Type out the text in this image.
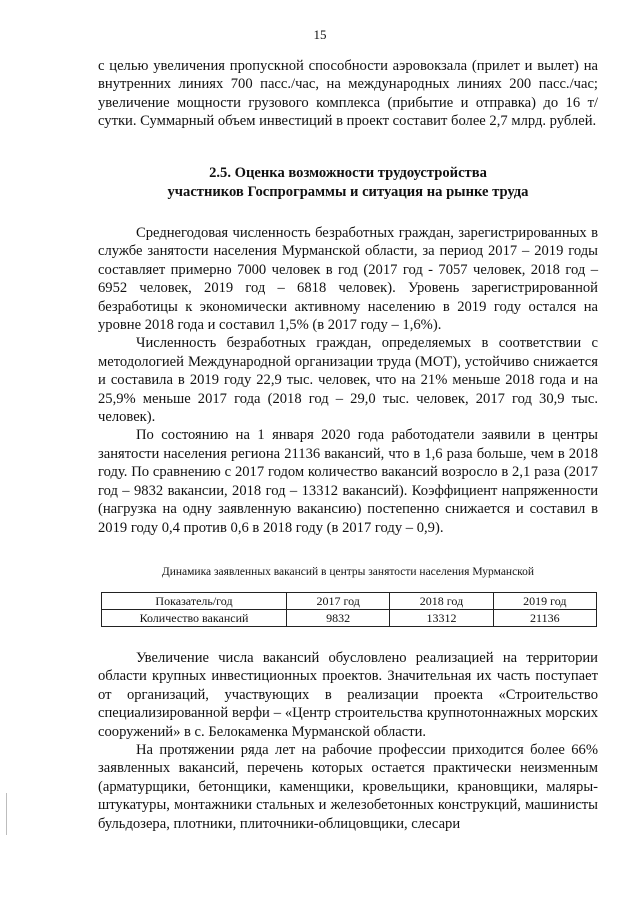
15

с целью увеличения пропускной способности аэровокзала (прилет и вылет) на внутренних линиях 700 пасс./час, на международных линиях 200 пасс./час; увеличение мощности грузового комплекса (прибытие и отправка) до 16 т/сутки. Суммарный объем инвестиций в проект составит более 2,7 млрд. рублей.

2.5. Оценка возможности трудоустройства
участников Госпрограммы и ситуация на рынке труда

Среднегодовая численность безработных граждан, зарегистрированных в службе занятости населения Мурманской области, за период 2017 – 2019 годы составляет примерно 7000 человек в год (2017 год - 7057 человек, 2018 год – 6952 человек, 2019 год – 6818 человек). Уровень зарегистрированной безработицы к экономически активному населению в 2019 году остался на уровне 2018 года и составил 1,5% (в 2017 году – 1,6%).

Численность безработных граждан, определяемых в соответствии с методологией Международной организации труда (МОТ), устойчиво снижается и составила в 2019 году 22,9 тыс. человек, что на 21% меньше 2018 года и на 25,9% меньше 2017 года (2018 год – 29,0 тыс. человек, 2017 год 30,9 тыс. человек).

По состоянию на 1 января 2020 года работодатели заявили в центры занятости населения региона 21136 вакансий, что в 1,6 раза больше, чем в 2018 году. По сравнению с 2017 годом количество вакансий возросло в 2,1 раза (2017 год – 9832 вакансии, 2018 год – 13312 вакансий). Коэффициент напряженности (нагрузка на одну заявленную вакансию) постепенно снижается и составил в 2019 году 0,4 против 0,6 в 2018 году (в 2017 году – 0,9).

Динамика заявленных вакансий в центры занятости населения Мурманской
Показатель/год	2017 год	2018 год	2019 год
Количество вакансий	9832	13312	21136

Увеличение числа вакансий обусловлено реализацией на территории области крупных инвестиционных проектов. Значительная их часть поступает от организаций, участвующих в реализации проекта «Строительство специализированной верфи – «Центр строительства крупнотоннажных морских сооружений» в с. Белокаменка Мурманской области.

На протяжении ряда лет на рабочие профессии приходится более 66% заявленных вакансий, перечень которых остается практически неизменным (арматурщики, бетонщики, каменщики, кровельщики, крановщики, маляры-штукатуры, монтажники стальных и железобетонных конструкций, машинисты бульдозера, плотники, плиточники-облицовщики, слесари
